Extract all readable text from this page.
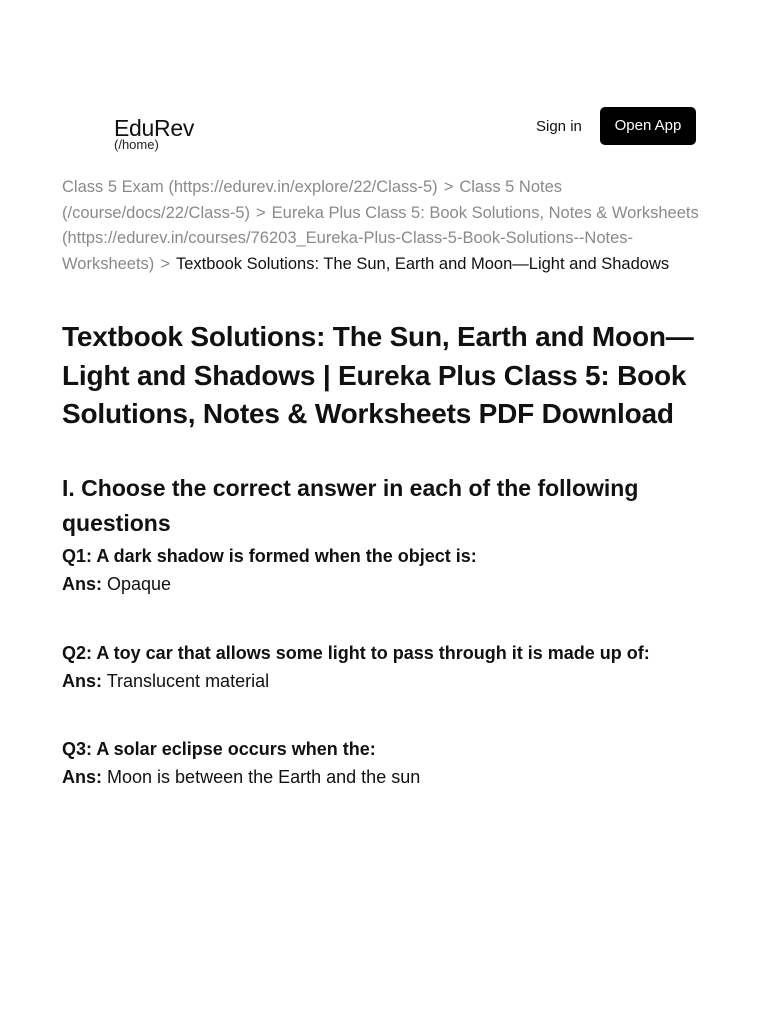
EduRev
(/home)
Sign in	Open App
Class 5 Exam (https://edurev.in/explore/22/Class-5) > Class 5 Notes (/course/docs/22/Class-5) > Eureka Plus Class 5: Book Solutions, Notes & Worksheets (https://edurev.in/courses/76203_Eureka-Plus-Class-5-Book-Solutions--Notes-Worksheets) > Textbook Solutions: The Sun, Earth and Moon—Light and Shadows
Textbook Solutions: The Sun, Earth and Moon—Light and Shadows | Eureka Plus Class 5: Book Solutions, Notes & Worksheets PDF Download
I. Choose the correct answer in each of the following questions
Q1: A dark shadow is formed when the object is:
Ans: Opaque
Q2: A toy car that allows some light to pass through it is made up of:
Ans: Translucent material
Q3: A solar eclipse occurs when the:
Ans: Moon is between the Earth and the sun
